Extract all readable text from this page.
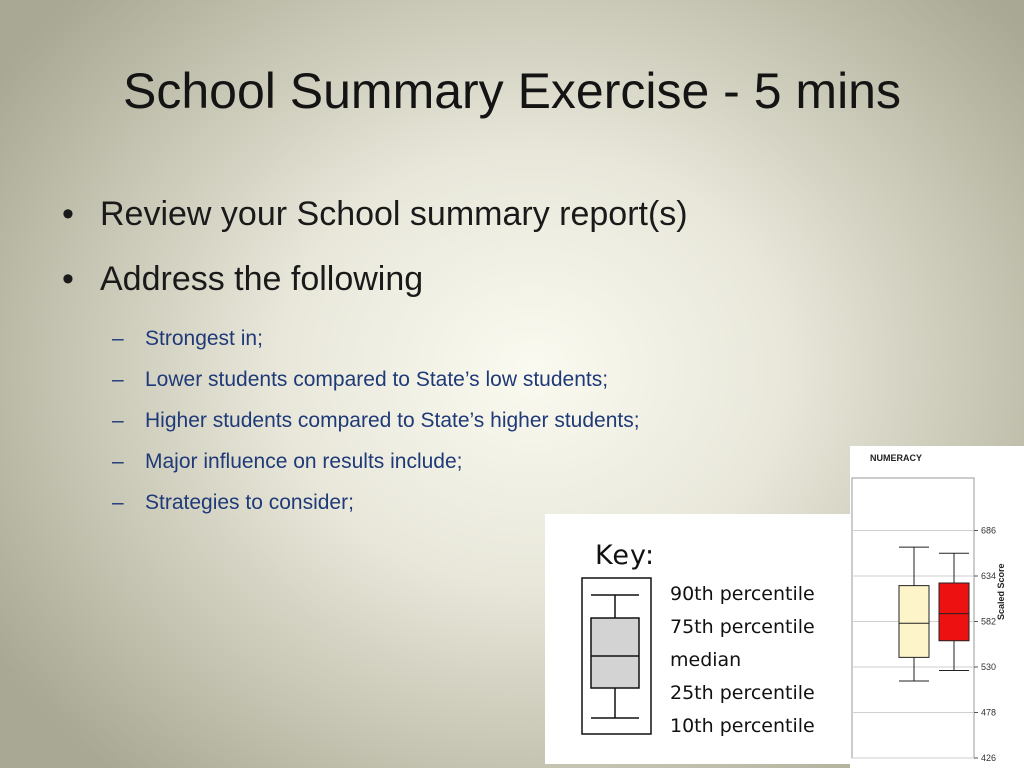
School Summary Exercise - 5 mins
• Review your School summary report(s)
• Address the following
– Strongest in;
– Lower students compared to State’s low students;
– Higher students compared to State’s higher students;
– Major influence on results include;
– Strategies to consider;
Key:
90th percentile
75th percentile
median
25th percentile
10th percentile
NUMERACY
426
478
530
582
634
686
Scaled Score
